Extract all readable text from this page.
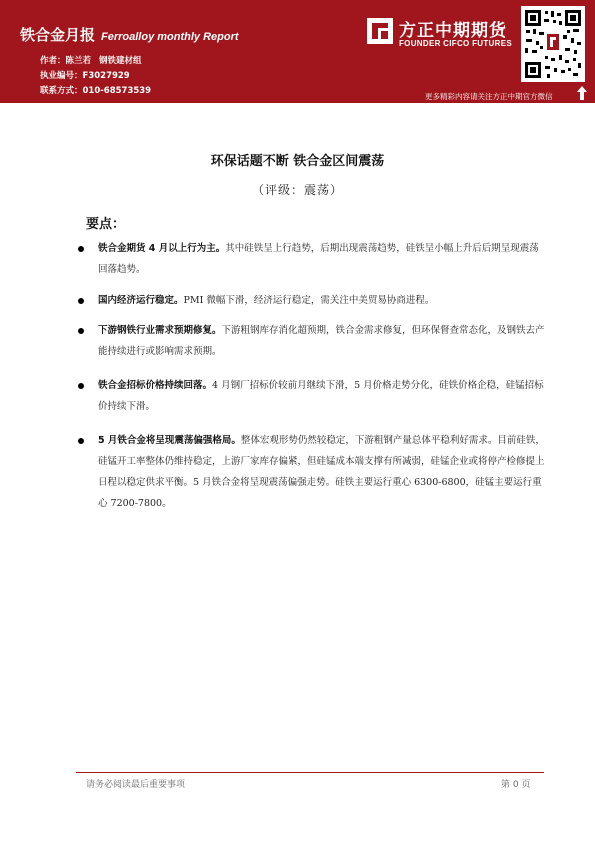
铁合金月报 Ferroalloy monthly Report
作者：陈兰若 钢铁建材组
执业编号：F3027929
联系方式：010-68573539
方正中期期货
FOUNDER CIFCO FUTURES
更多精彩内容请关注方正中期官方微信
环保话题不断 铁合金区间震荡
（评级：震荡）
要点：
铁合金期货 4 月以上行为主。其中硅铁呈上行趋势，后期出现震荡趋势，硅铁呈小幅上升后后期呈现震荡回落趋势。
国内经济运行稳定。PMI 微幅下滑，经济运行稳定，需关注中美贸易协商进程。
下游钢铁行业需求预期修复。下游粗钢库存消化超预期，铁合金需求修复，但环保督查常态化，及钢铁去产能持续进行或影响需求预期。
铁合金招标价格持续回落。4 月钢厂招标价较前月继续下滑，5 月价格走势分化，硅铁价格企稳，硅锰招标价持续下滑。
5 月铁合金将呈现震荡偏强格局。整体宏观形势仍然较稳定，下游粗钢产量总体平稳利好需求。目前硅铁，硅锰开工率整体仍维持稳定，上游厂家库存偏紧，但硅锰成本端支撑有所减弱，硅锰企业或将停产检修提上日程以稳定供求平衡。5 月铁合金将呈现震荡偏强走势。硅铁主要运行重心 6300-6800，硅锰主要运行重心 7200-7800。
请务必阅读最后重要事项	第 0 页
